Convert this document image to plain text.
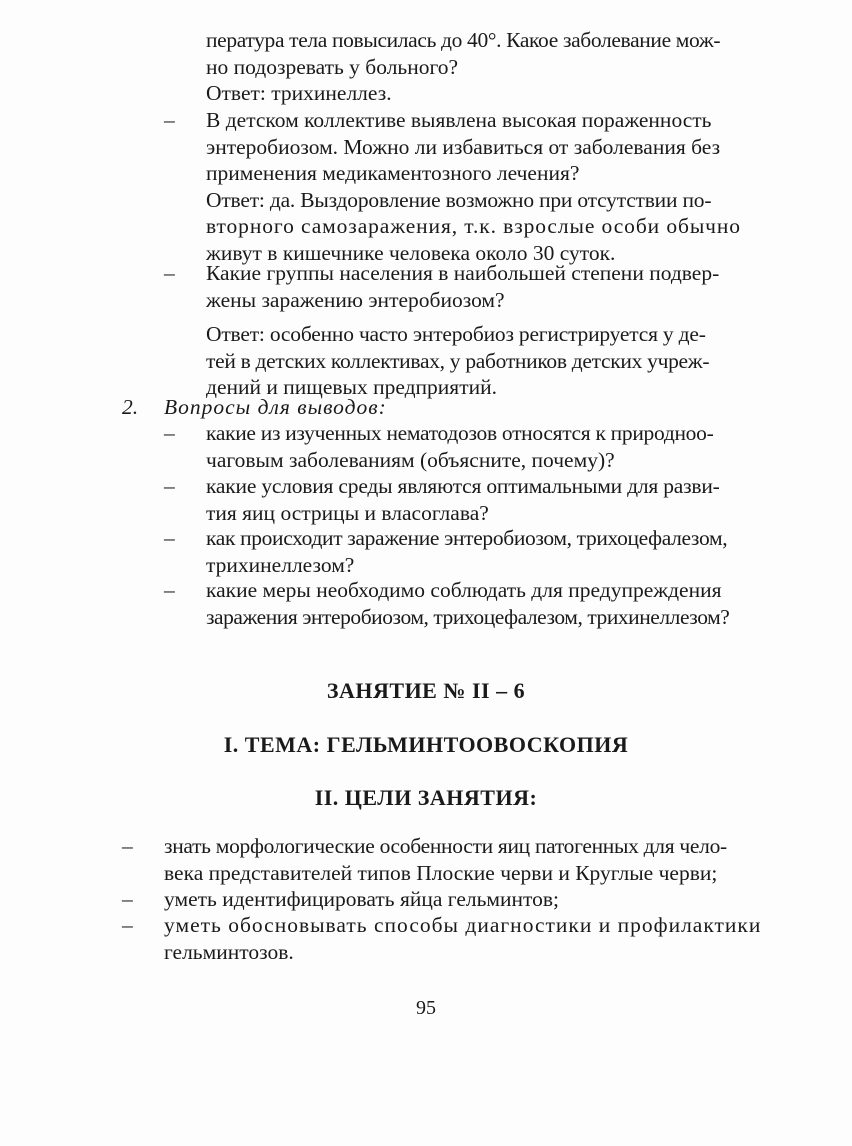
пература тела повысилась до 40°. Какое заболевание мож-
но подозревать у больного?
Ответ: трихинеллез.
– В детском коллективе выявлена высокая пораженность
энтеробиозом. Можно ли избавиться от заболевания без
применения медикаментозного лечения?
Ответ: да. Выздоровление возможно при отсутствии по-
вторного самозаражения, т.к. взрослые особи обычно
живут в кишечнике человека около 30 суток.
– Какие группы населения в наибольшей степени подвер-
жены заражению энтеробиозом?
Ответ: особенно часто энтеробиоз регистрируется у де-
тей в детских коллективах, у работников детских учреж-
дений и пищевых предприятий.
2. Вопросы для выводов:
– какие из изученных нематодозов относятся к природноо-
чаговым заболеваниям (объясните, почему)?
– какие условия среды являются оптимальными для разви-
тия яиц острицы и власоглава?
– как происходит заражение энтеробиозом, трихоцефалезом,
трихинеллезом?
– какие меры необходимо соблюдать для предупреждения
заражения энтеробиозом, трихоцефалезом, трихинеллезом?
ЗАНЯТИЕ № II – 6
I. ТЕМА: ГЕЛЬМИНТООВОСКОПИЯ
II. ЦЕЛИ ЗАНЯТИЯ:
– знать морфологические особенности яиц патогенных для чело-
века представителей типов Плоские черви и Круглые черви;
– уметь идентифицировать яйца гельминтов;
– уметь обосновывать способы диагностики и профилактики
гельминтозов.
95
